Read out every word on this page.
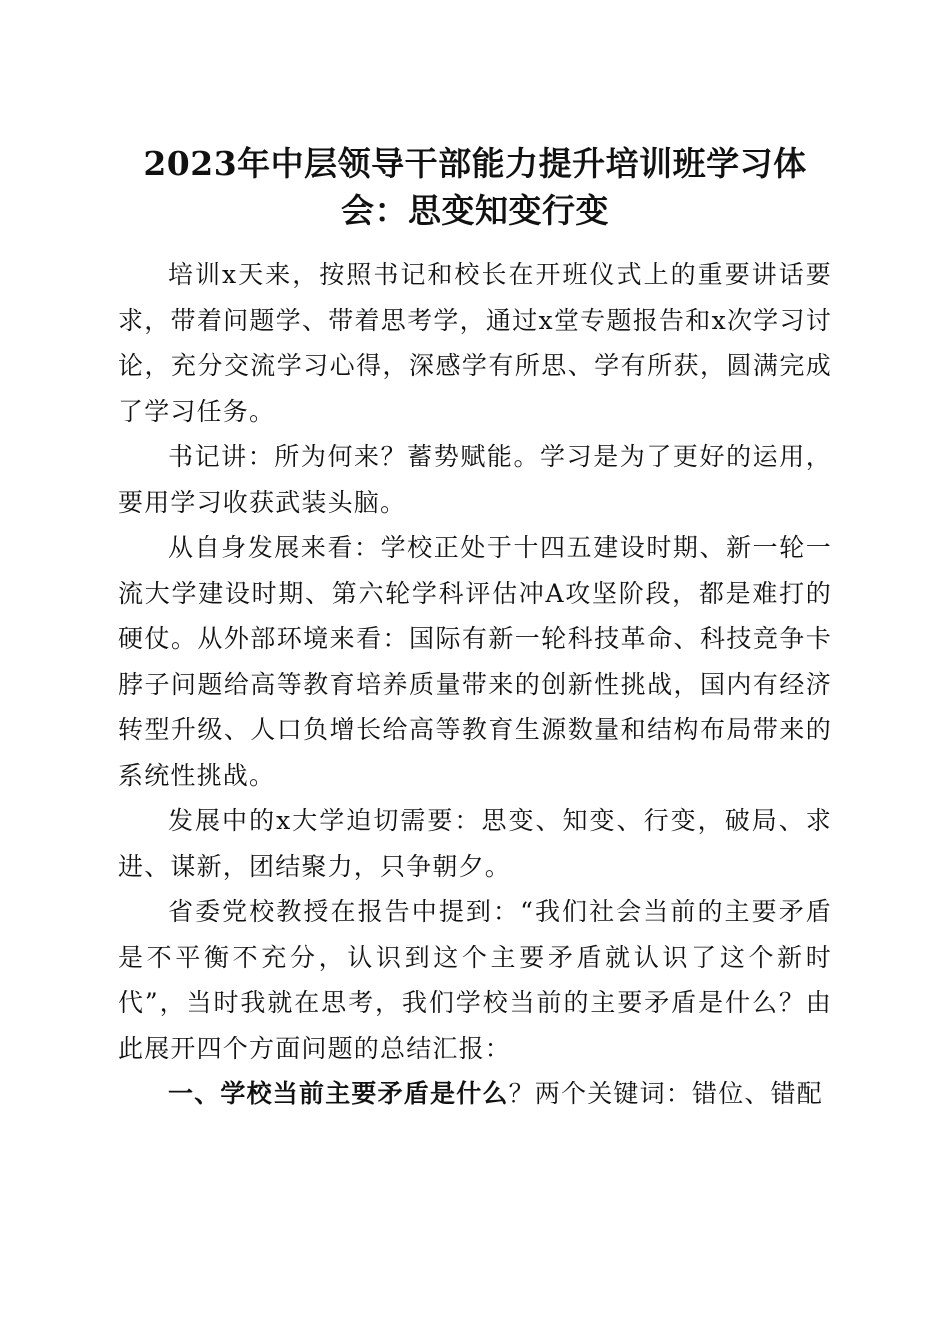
2023年中层领导干部能力提升培训班学习体会：思变知变行变

培训x天来，按照书记和校长在开班仪式上的重要讲话要求，带着问题学、带着思考学，通过x堂专题报告和x次学习讨论，充分交流学习心得，深感学有所思、学有所获，圆满完成了学习任务。

书记讲：所为何来？蓄势赋能。学习是为了更好的运用，要用学习收获武装头脑。

从自身发展来看：学校正处于十四五建设时期、新一轮一流大学建设时期、第六轮学科评估冲A攻坚阶段，都是难打的硬仗。从外部环境来看：国际有新一轮科技革命、科技竞争卡脖子问题给高等教育培养质量带来的创新性挑战，国内有经济转型升级、人口负增长给高等教育生源数量和结构布局带来的系统性挑战。

发展中的x大学迫切需要：思变、知变、行变，破局、求进、谋新，团结聚力，只争朝夕。

省委党校教授在报告中提到：“我们社会当前的主要矛盾是不平衡不充分，认识到这个主要矛盾就认识了这个新时代”，当时我就在思考，我们学校当前的主要矛盾是什么？由此展开四个方面问题的总结汇报：

一、学校当前主要矛盾是什么？两个关键词：错位、错配
